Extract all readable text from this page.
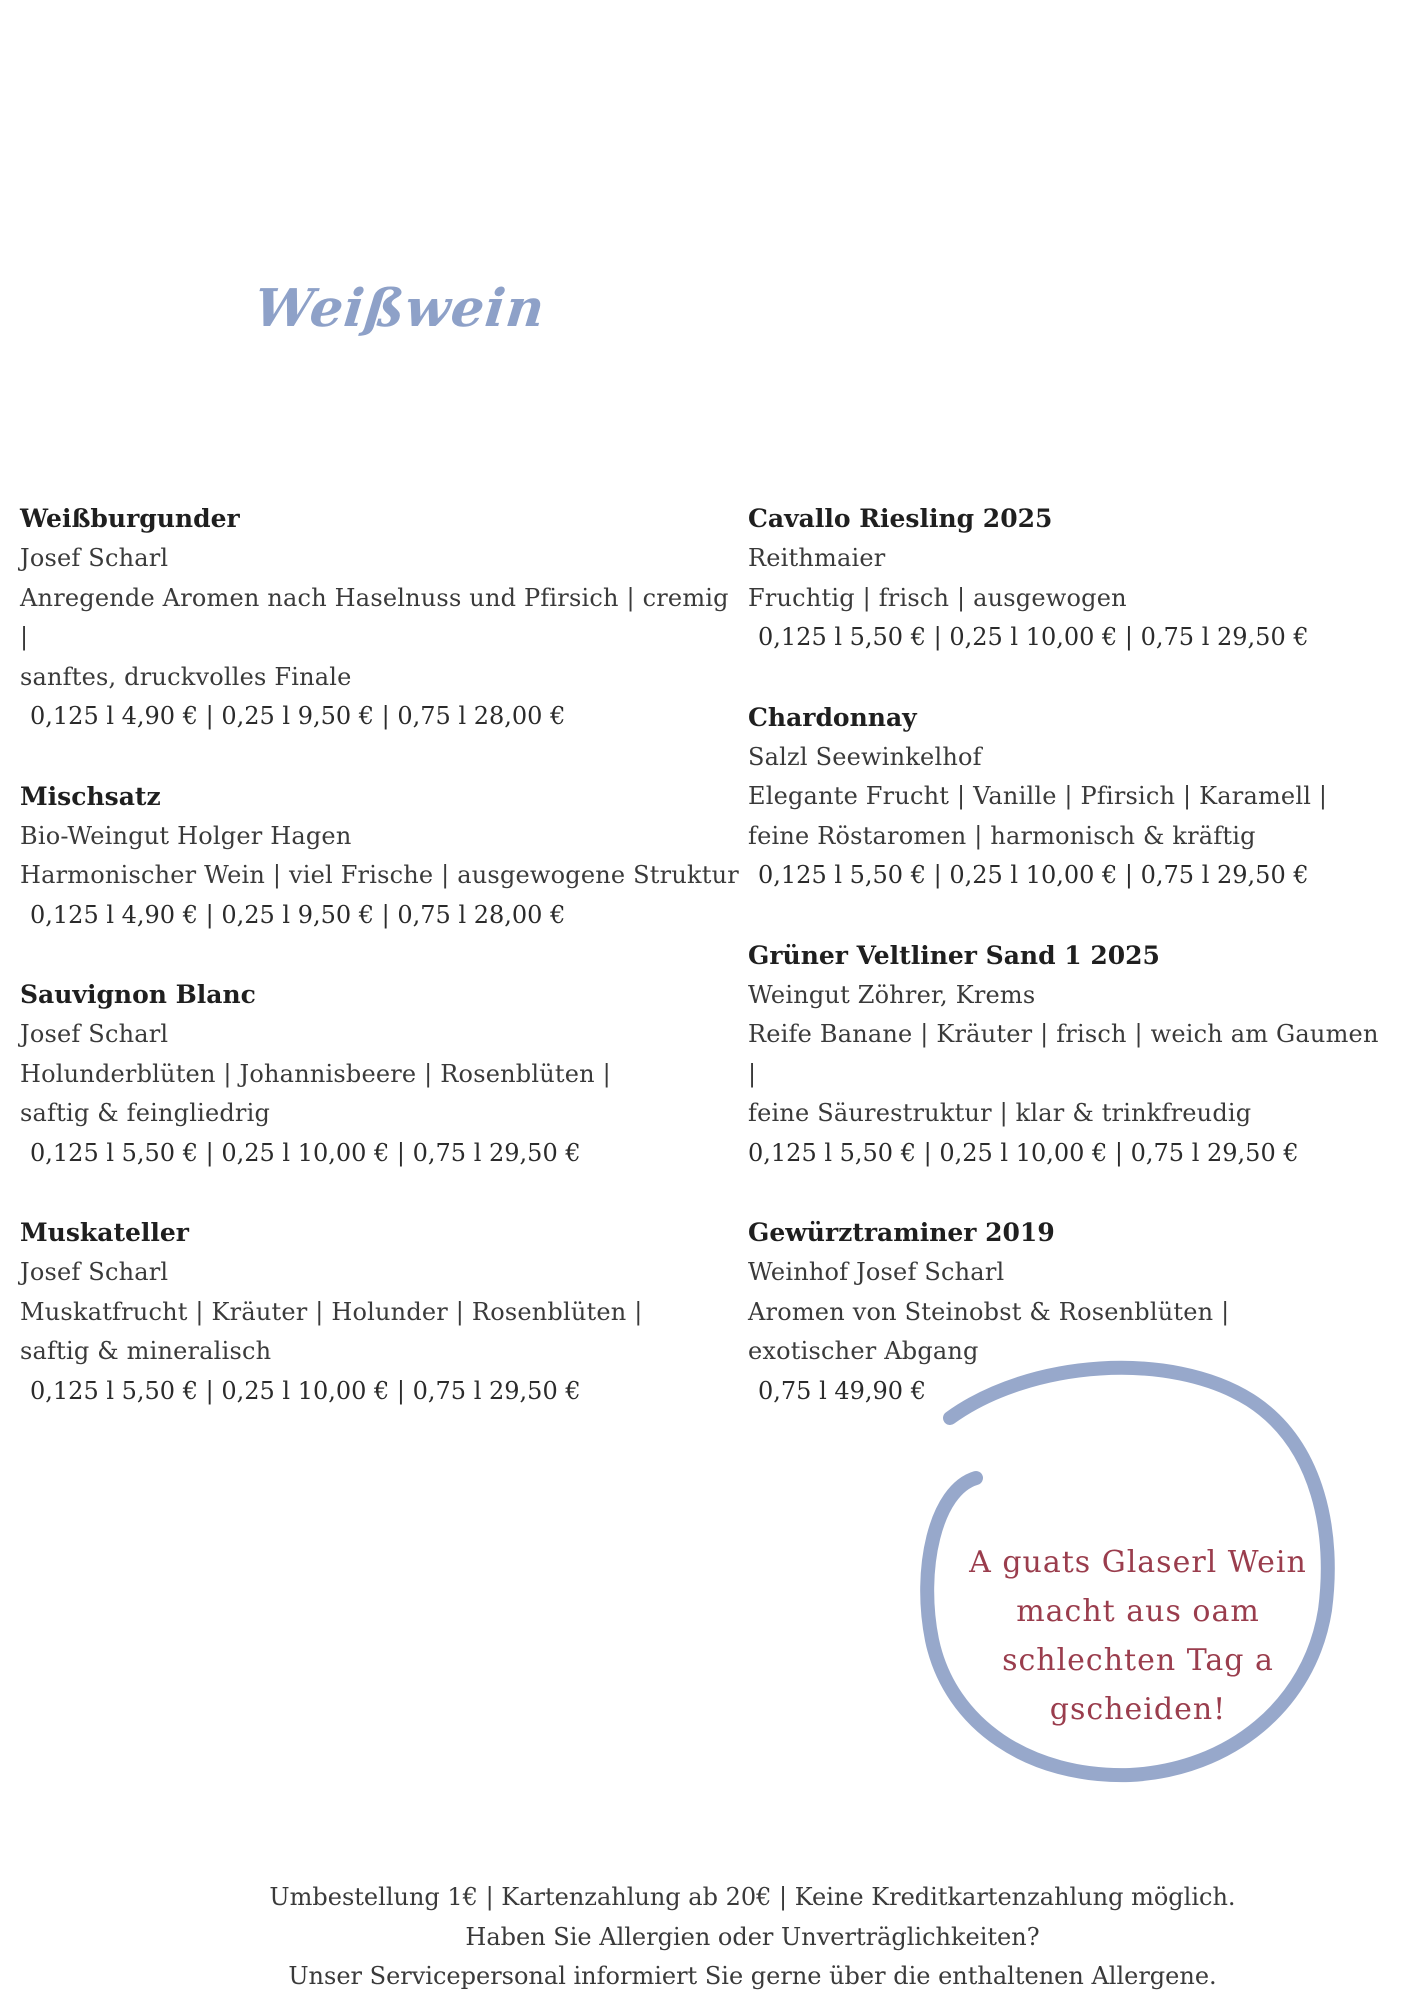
Weißwein
Weißburgunder
Josef Scharl
Anregende Aromen nach Haselnuss und Pfirsich | cremig |
sanftes, druckvolles Finale
0,125 l 4,90 € | 0,25 l 9,50 € | 0,75 l 28,00 €
Mischsatz
Bio-Weingut Holger Hagen
Harmonischer Wein | viel Frische | ausgewogene Struktur
0,125 l 4,90 € | 0,25 l 9,50 € | 0,75 l 28,00 €
Sauvignon Blanc
Josef Scharl
Holunderblüten | Johannisbeere | Rosenblüten |
saftig & feingliedrig
0,125 l 5,50 € | 0,25 l 10,00 € | 0,75 l 29,50 €
Muskateller
Josef Scharl
Muskatfrucht | Kräuter | Holunder | Rosenblüten |
saftig & mineralisch
0,125 l 5,50 € | 0,25 l 10,00 € | 0,75 l 29,50 €
Cavallo Riesling 2025
Reithmaier
Fruchtig | frisch | ausgewogen
0,125 l 5,50 € | 0,25 l 10,00 € | 0,75 l 29,50 €
Chardonnay
Salzl Seewinkelhof
Elegante Frucht | Vanille | Pfirsich | Karamell |
feine Röstaromen | harmonisch & kräftig
0,125 l 5,50 € | 0,25 l 10,00 € | 0,75 l 29,50 €
Grüner Veltliner Sand 1 2025
Weingut Zöhrer, Krems
Reife Banane | Kräuter | frisch | weich am Gaumen |
feine Säurestruktur | klar & trinkfreudig
0,125 l 5,50 € | 0,25 l 10,00 € | 0,75 l 29,50 €
Gewürztraminer 2019
Weinhof Josef Scharl
Aromen von Steinobst & Rosenblüten |
exotischer Abgang
0,75 l 49,90 €
A guats Glaserl Wein
macht aus oam
schlechten Tag a
gscheiden!
Umbestellung 1€ | Kartenzahlung ab 20€ | Keine Kreditkartenzahlung möglich.
Haben Sie Allergien oder Unverträglichkeiten?
Unser Servicepersonal informiert Sie gerne über die enthaltenen Allergene.
